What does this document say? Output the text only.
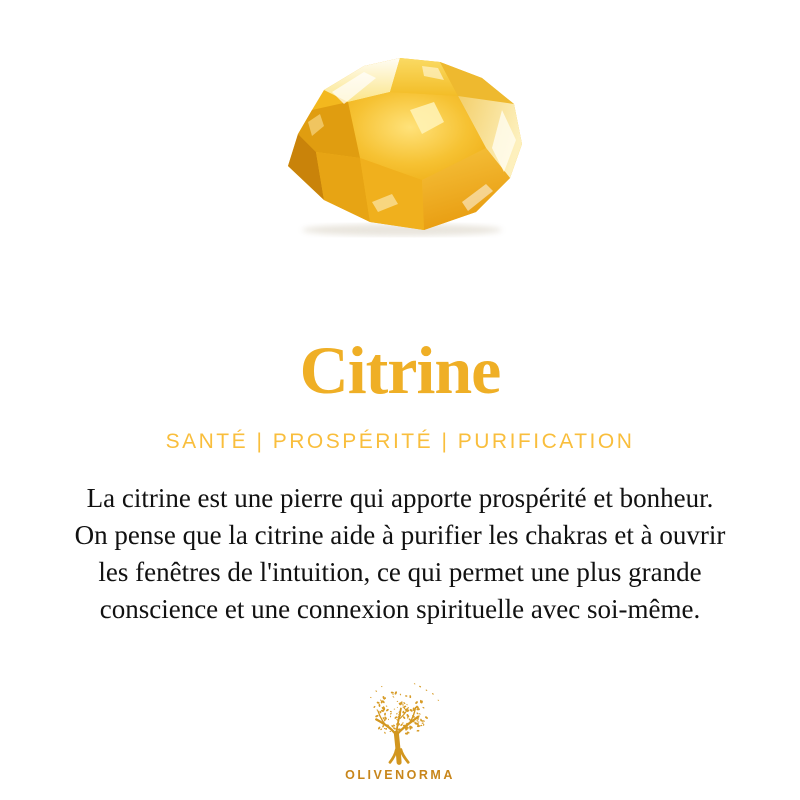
Citrine
SANTÉ | PROSPÉRITÉ | PURIFICATION
La citrine est une pierre qui apporte prospérité et bonheur.
On pense que la citrine aide à purifier les chakras et à ouvrir
les fenêtres de l'intuition, ce qui permet une plus grande
conscience et une connexion spirituelle avec soi-même.
OLIVENORMA
